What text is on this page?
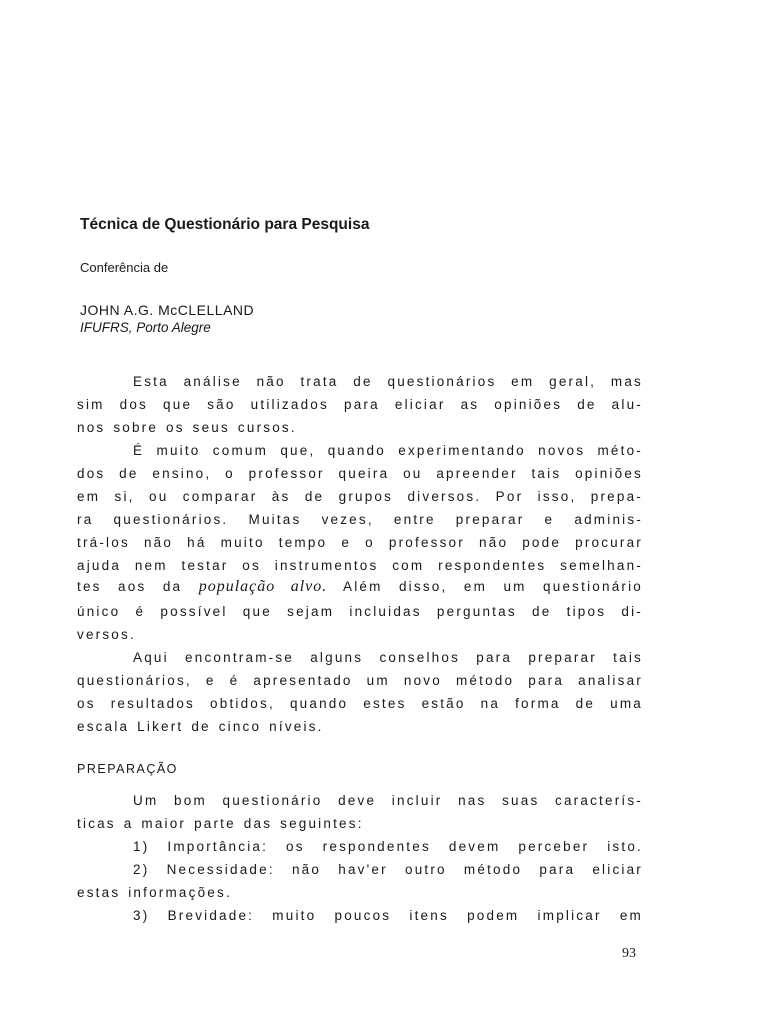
Técnica de Questionário para Pesquisa
Conferência de
JOHN A.G. McCLELLAND
IFUFRS, Porto Alegre
Esta análise não trata de questionários em geral, mas
sim dos que são utilizados para eliciar as opiniões de alu-
nos sobre os seus cursos.
É muito comum que, quando experimentando novos méto-
dos de ensino, o professor queira ou apreender tais opiniões
em si, ou comparar às de grupos diversos. Por isso, prepa-
ra questionários. Muitas vezes, entre preparar e adminis-
trá-los não há muito tempo e o professor não pode procurar
ajuda nem testar os instrumentos com respondentes semelhan-
tes aos da população alvo. Além disso, em um questionário
único é possível que sejam incluidas perguntas de tipos di-
versos.
Aqui encontram-se alguns conselhos para preparar tais
questionários, e é apresentado um novo método para analisar
os resultados obtidos, quando estes estão na forma de uma
escala Likert de cinco níveis.
PREPARAÇÃO
Um bom questionário deve incluir nas suas caracterís-
ticas a maior parte das seguintes:
1) Importância: os respondentes devem perceber isto.
2) Necessidade: não hav'er outro método para eliciar
estas informações.
3) Brevidade: muito poucos itens podem implicar em
93
